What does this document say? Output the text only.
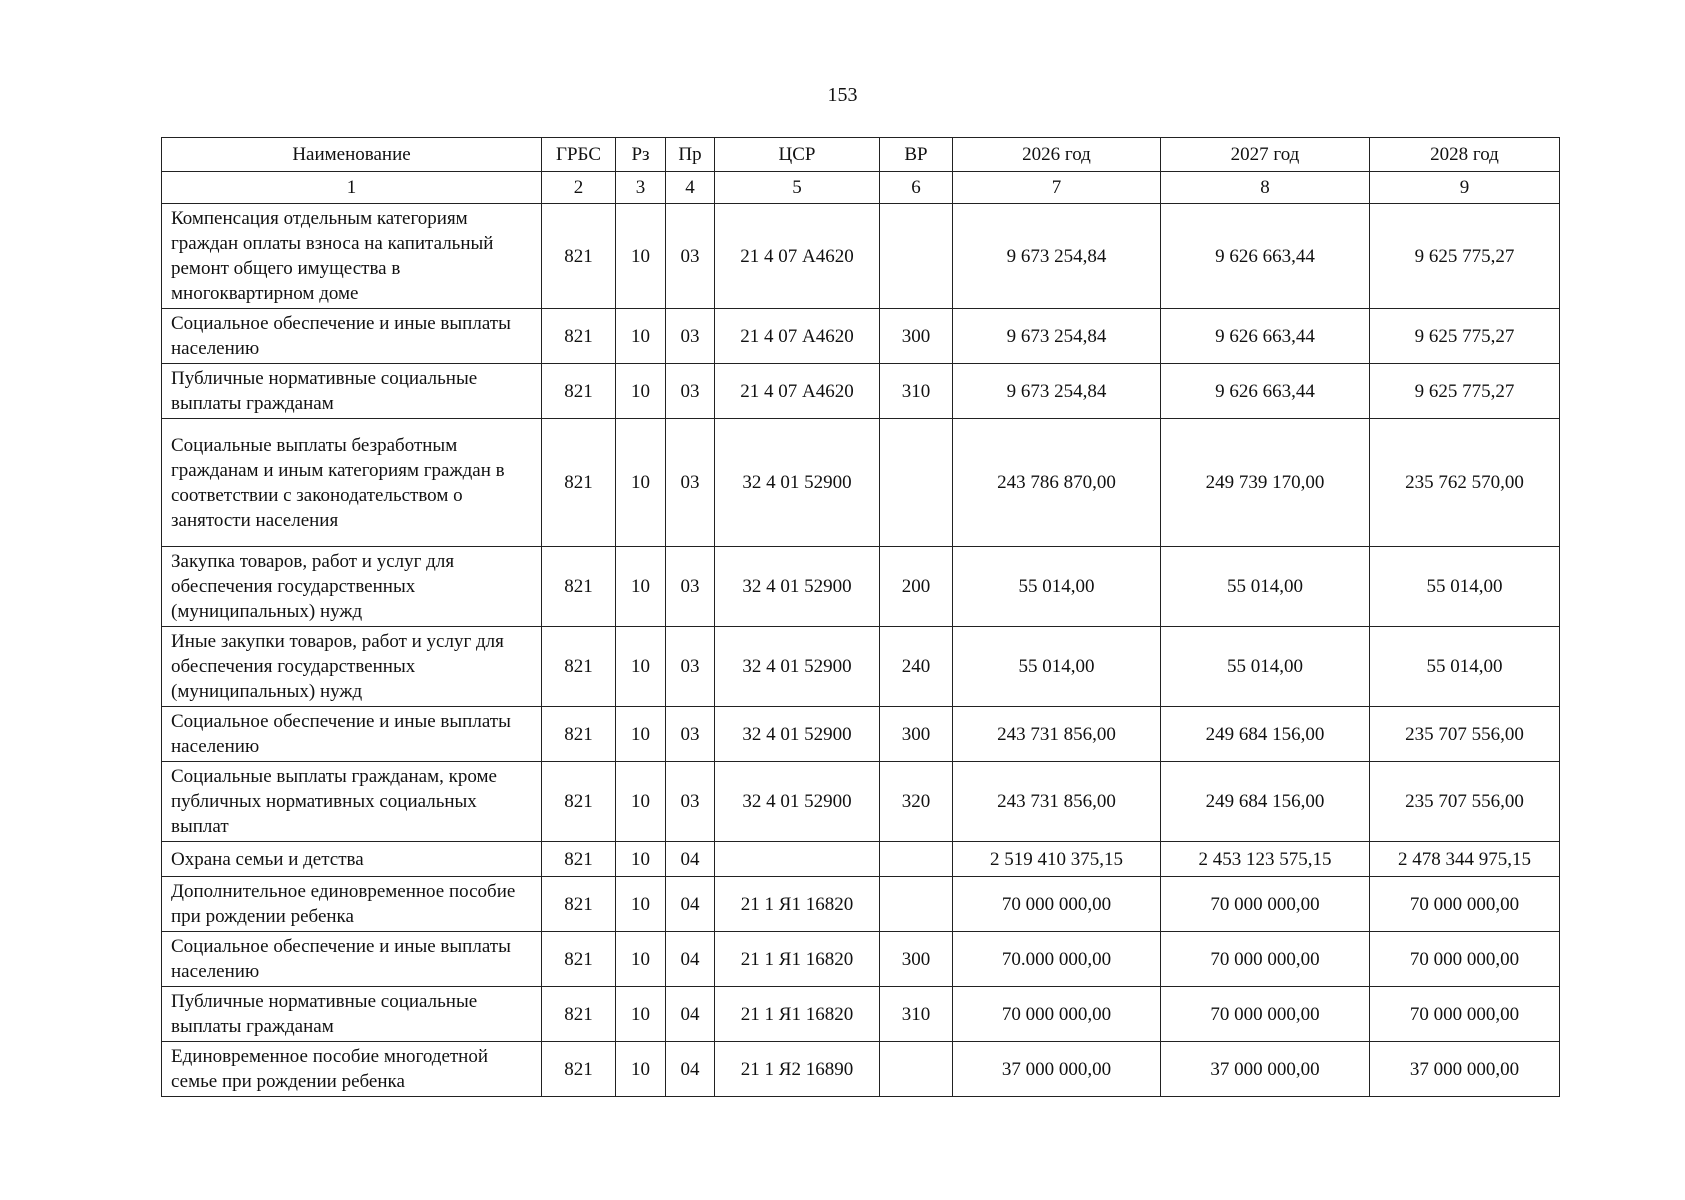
153
Наименование	ГРБС	Рз	Пр	ЦСР	ВР	2026 год	2027 год	2028 год
1	2	3	4	5	6	7	8	9
Компенсация отдельным категориям граждан оплаты взноса на капитальный ремонт общего имущества в многоквартирном доме	821	10	03	21 4 07 А4620		9 673 254,84	9 626 663,44	9 625 775,27
Социальное обеспечение и иные выплаты населению	821	10	03	21 4 07 А4620	300	9 673 254,84	9 626 663,44	9 625 775,27
Публичные нормативные социальные выплаты гражданам	821	10	03	21 4 07 А4620	310	9 673 254,84	9 626 663,44	9 625 775,27
Социальные выплаты безработным гражданам и иным категориям граждан в соответствии с законодательством о занятости населения	821	10	03	32 4 01 52900		243 786 870,00	249 739 170,00	235 762 570,00
Закупка товаров, работ и услуг для обеспечения государственных (муниципальных) нужд	821	10	03	32 4 01 52900	200	55 014,00	55 014,00	55 014,00
Иные закупки товаров, работ и услуг для обеспечения государственных (муниципальных) нужд	821	10	03	32 4 01 52900	240	55 014,00	55 014,00	55 014,00
Социальное обеспечение и иные выплаты населению	821	10	03	32 4 01 52900	300	243 731 856,00	249 684 156,00	235 707 556,00
Социальные выплаты гражданам, кроме публичных нормативных социальных выплат	821	10	03	32 4 01 52900	320	243 731 856,00	249 684 156,00	235 707 556,00
Охрана семьи и детства	821	10	04			2 519 410 375,15	2 453 123 575,15	2 478 344 975,15
Дополнительное единовременное пособие при рождении ребенка	821	10	04	21 1 Я1 16820		70 000 000,00	70 000 000,00	70 000 000,00
Социальное обеспечение и иные выплаты населению	821	10	04	21 1 Я1 16820	300	70.000 000,00	70 000 000,00	70 000 000,00
Публичные нормативные социальные выплаты гражданам	821	10	04	21 1 Я1 16820	310	70 000 000,00	70 000 000,00	70 000 000,00
Единовременное пособие многодетной семье при рождении ребенка	821	10	04	21 1 Я2 16890		37 000 000,00	37 000 000,00	37 000 000,00
